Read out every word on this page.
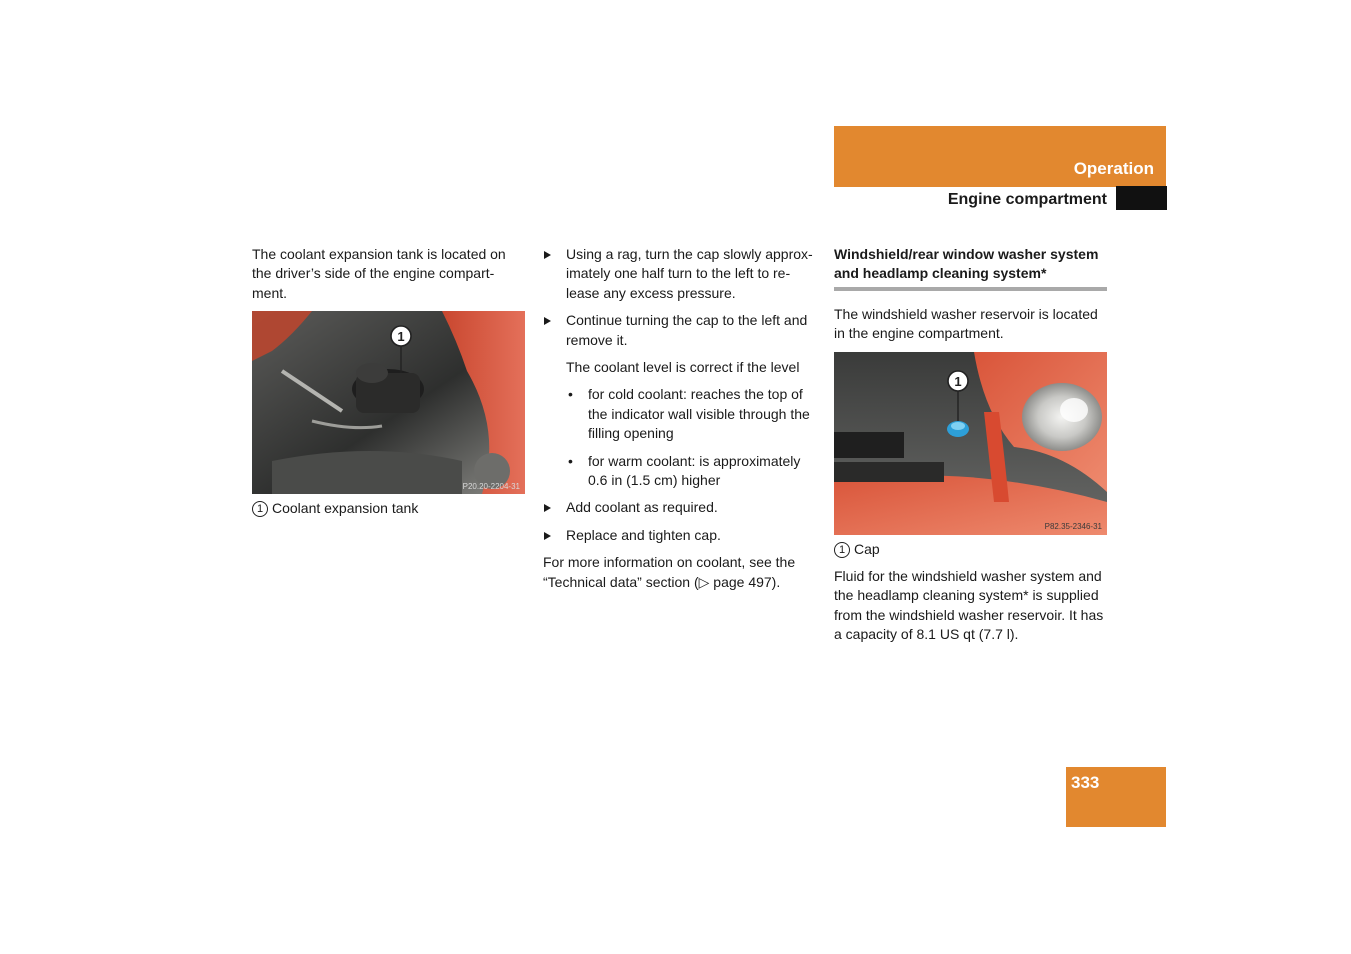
Operation
Engine compartment

The coolant expansion tank is located on the driver’s side of the engine compart-ment.

1
P20.20-2204-31

1 Coolant expansion tank

Using a rag, turn the cap slowly approx-imately one half turn to the left to re-lease any excess pressure.
Continue turning the cap to the left and remove it.

The coolant level is correct if the level

• for cold coolant: reaches the top of the indicator wall visible through the filling opening
• for warm coolant: is approximately 0.6 in (1.5 cm) higher
Add coolant as required.
Replace and tighten cap.

For more information on coolant, see the “Technical data” section (▷ page 497).

Windshield/rear window washer system and headlamp cleaning system*

The windshield washer reservoir is located in the engine compartment.

1
P82.35-2346-31

1 Cap

Fluid for the windshield washer system and the headlamp cleaning system* is supplied from the windshield washer reservoir. It has a capacity of 8.1 US qt (7.7 l).

333
